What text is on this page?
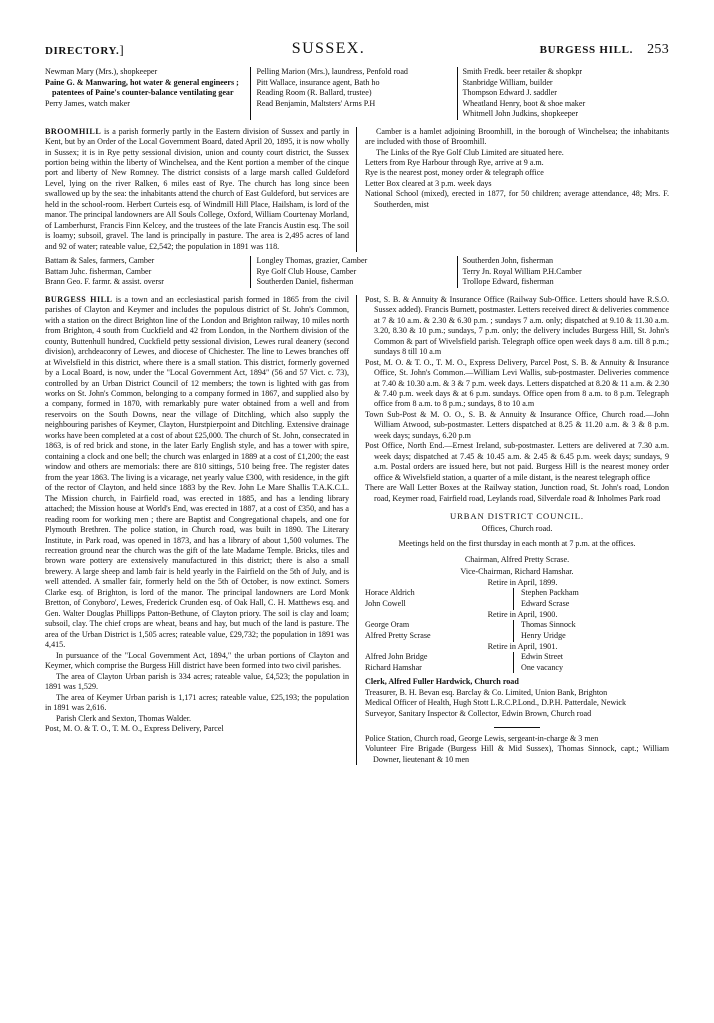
DIRECTORY.]	SUSSEX.	BURGESS HILL. 253

Newman Mary (Mrs.), shopkeeper

Paine G. & Manwaring, hot water & general engineers ; patentees of Paine's counter-balance ventilating gear

Perry James, watch maker

Pelling Marion (Mrs.), laundress, Penfold road

Pitt Wallace, insurance agent, Bath ho

Reading Room (R. Ballard, trustee)

Read Benjamin, Maltsters' Arms P.H

Smith Fredk. beer retailer & shopkpr

Stanbridge William, builder

Thompson Edward J. saddler

Wheatland Henry, boot & shoe maker

Whitmell John Judkins, shopkeeper

BROOMHILL is a parish formerly partly in the Eastern division of Sussex and partly in Kent, but by an Order of the Local Government Board, dated April 20, 1895, it is now wholly in Sussex; it is in Rye petty sessional division, union and county court district, the Sussex portion being within the liberty of Winchelsea, and the Kent portion a member of the cinque port and liberty of New Romney. The district consists of a large marsh called Guldeford Level, lying on the river Ralken, 6 miles east of Rye. The church has long since been swallowed up by the sea: the inhabitants attend the church of East Guldeford, but services are held in the school-room. Herbert Curteis esq. of Windmill Hill Place, Hailsham, is lord of the manor. The principal landowners are All Souls College, Oxford, William Courtenay Morland, of Lamberhurst, Francis Finn Kelcey, and the trustees of the late Francis Austin esq. The soil is loamy; subsoil, gravel. The land is principally in pasture. The area is 2,495 acres of land and 92 of water; rateable value, £2,542; the population in 1891 was 118.

Camber is a hamlet adjoining Broomhill, in the borough of Winchelsea; the inhabitants are included with those of Broomhill.

The Links of the Rye Golf Club Limited are situated here.

Letters from Rye Harbour through Rye, arrive at 9 a.m.

Rye is the nearest post, money order & telegraph office

Letter Box cleared at 3 p.m. week days

National School (mixed), erected in 1877, for 50 children; average attendance, 48; Mrs. F. Southerden, mist

Battam & Sales, farmers, Camber

Battam Juhc. fisherman, Camber

Brann Geo. F. farmr. & assist. oversr

Longley Thomas, grazier, Camber

Rye Golf Club House, Camber

Southerden Daniel, fisherman

Southerden John, fisherman

Terry Jn. Royal William P.H.Camber

Trollope Edward, fisherman

BURGESS HILL is a town and an ecclesiastical parish formed in 1865 from the civil parishes of Clayton and Keymer and includes the populous district of St. John's Common, with a station on the direct Brighton line of the London and Brighton railway, 10 miles north from Brighton, 4 south from Cuckfield and 42 from London, in the Northern division of the county, Buttenhull hundred, Cuckfield petty sessional division, Lewes rural deanery (second division), archdeaconry of Lewes, and diocese of Chichester. The line to Lewes branches off at Wivelsfield in this district, where there is a small station. This district, formerly governed by a Local Board, is now, under the "Local Government Act, 1894" (56 and 57 Vict. c. 73), controlled by an Urban District Council of 12 members; the town is lighted with gas from works on St. John's Common, belonging to a company formed in 1867, and supplied also by a company, formed in 1870, with remarkably pure water obtained from a well and from reservoirs on the South Downs, near the village of Ditchling, which also supply the neighbouring parishes of Keymer, Clayton, Hurstpierpoint and Ditchling. Extensive drainage works have been completed at a cost of about £25,000. The church of St. John, consecrated in 1863, is of red brick and stone, in the later Early English style, and has a tower with spire, containing a clock and one bell; the church was enlarged in 1889 at a cost of £1,200; the east window and others are memorials: there are 810 sittings, 510 being free. The register dates from the year 1863. The living is a vicarage, net yearly value £300, with residence, in the gift of the rector of Clayton, and held since 1883 by the Rev. John Le Mare Shallis T.A.K.C.L. The Mission church, in Fairfield road, was erected in 1885, and has a lending library attached; the Mission house at World's End, was erected in 1887, at a cost of £350, and has a reading room for working men ; there are Baptist and Congregational chapels, and one for Plymouth Brethren. The police station, in Church road, was built in 1890. The Literary Institute, in Park road, was opened in 1873, and has a library of about 1,500 volumes. The recreation ground near the church was the gift of the late Madame Temple. Bricks, tiles and brown ware pottery are extensively manufactured in this district; there is also a small brewery. A large sheep and lamb fair is held yearly in the Fairfield on the 5th of July, and is well attended. A smaller fair, formerly held on the 5th of October, is now extinct. Somers Clarke esq. of Brighton, is lord of the manor. The principal landowners are Lord Monk Bretton, of Conyboro', Lewes, Frederick Crunden esq. of Oak Hall, C. H. Matthews esq. and Gen. Walter Douglas Phillipps Patton-Bethune, of Clayton priory. The soil is clay and loam; subsoil, clay. The chief crops are wheat, beans and hay, but much of the land is pasture. The area of the Urban District is 1,505 acres; rateable value, £29,732; the population in 1891 was 4,415.

In pursuance of the "Local Government Act, 1894," the urban portions of Clayton and Keymer, which comprise the Burgess Hill district have been formed into two civil parishes.

The area of Clayton Urban parish is 334 acres; rateable value, £4,523; the population in 1891 was 1,529.

The area of Keymer Urban parish is 1,171 acres; rateable value, £25,193; the population in 1891 was 2,616.

Parish Clerk and Sexton, Thomas Walder.

Post, M. O. & T. O., T. M. O., Express Delivery, Parcel

Post, S. B. & Annuity & Insurance Office (Railway Sub-Office. Letters should have R.S.O. Sussex added). Francis Burnett, postmaster. Letters received direct & deliveries commence at 7 & 10 a.m. & 2.30 & 6.30 p.m. ; sundays 7 a.m. only; dispatched at 9.10 & 11.30 a.m. 3.20, 8.30 & 10 p.m.; sundays, 7 p.m. only; the delivery includes Burgess Hill, St. John's Common & part of Wivelsfield parish. Telegraph office open week days 8 a.m. till 8 p.m.; sundays 8 till 10 a.m

Post, M. O. & T. O., T. M. O., Express Delivery, Parcel Post, S. B. & Annuity & Insurance Office, St. John's Common.—William Levi Wallis, sub-postmaster. Deliveries commence at 7.40 & 10.30 a.m. & 3 & 7 p.m. week days. Letters dispatched at 8.20 & 11 a.m. & 2.30 & 7.40 p.m. week days & at 6 p.m. sundays. Office open from 8 a.m. to 8 p.m. Telegraph office from 8 a.m. to 8 p.m.; sundays, 8 to 10 a.m

Town Sub-Post & M. O. O., S. B. & Annuity & Insurance Office, Church road.—John William Atwood, sub-postmaster. Letters dispatched at 8.25 & 11.20 a.m. & 3 & 8 p.m. week days; sundays, 6.20 p.m

Post Office, North End.—Ernest Ireland, sub-postmaster. Letters are delivered at 7.30 a.m. week days; dispatched at 7.45 & 10.45 a.m. & 2.45 & 6.45 p.m. week days; sundays, 9 a.m. Postal orders are issued here, but not paid. Burgess Hill is the nearest money order office & Wivelsfield station, a quarter of a mile distant, is the nearest telegraph office

There are Wall Letter Boxes at the Railway station, Junction road, St. John's road, London road, Keymer road, Fairfield road, Leylands road, Silverdale road & Inholmes Park road

URBAN DISTRICT COUNCIL.

Offices, Church road.

Meetings held on the first thursday in each month at 7 p.m. at the offices.

Chairman, Alfred Pretty Scrase.

Vice-Chairman, Richard Hamshar.

Retire in April, 1899.

Horace Aldrich
John Cowell
Stephen Packham
Edward Scrase

Retire in April, 1900.

George Oram
Alfred Pretty Scrase
Thomas Sinnock
Henry Uridge

Retire in April, 1901.

Alfred John Bridge
Richard Hamshar
Edwin Street
One vacancy

Clerk, Alfred Fuller Hardwick, Church road

Treasurer, B. H. Bevan esq. Barclay & Co. Limited, Union Bank, Brighton

Medical Officer of Health, Hugh Stott L.R.C.P.Lond., D.P.H. Patterdale, Newick

Surveyor, Sanitary Inspector & Collector, Edwin Brown, Church road

Police Station, Church road, George Lewis, sergeant-in-charge & 3 men

Volunteer Fire Brigade (Burgess Hill & Mid Sussex), Thomas Sinnock, capt.; William Downer, lieutenant & 10 men
